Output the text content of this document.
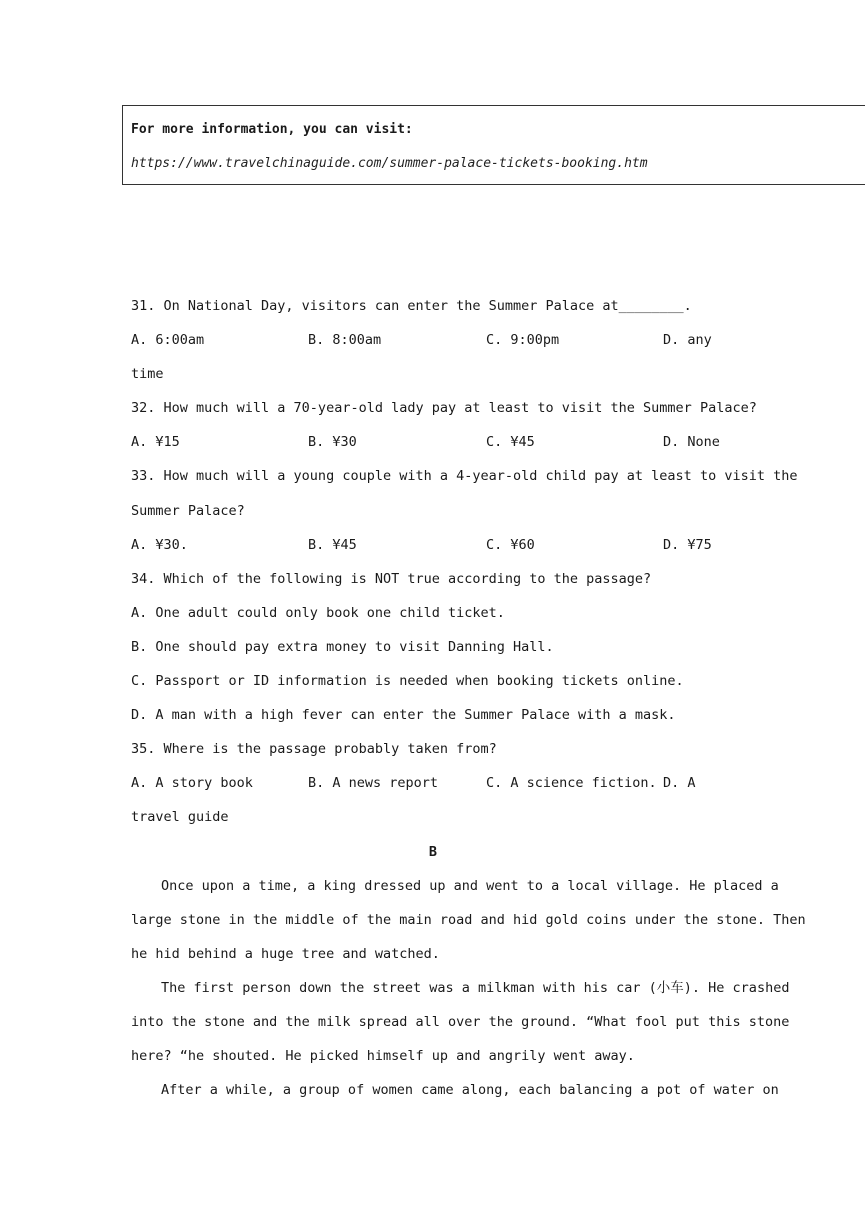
For more information, you can visit:
https://www.travelchinaguide.com/summer-palace-tickets-booking.htm
31. On National Day, visitors can enter the Summer Palace at________.
A. 6:00am	B. 8:00am	C. 9:00pm	D. any
time
32. How much will a 70-year-old lady pay at least to visit the Summer Palace?
A. ¥15	B. ¥30	C. ¥45	D. None
33. How much will a young couple with a 4-year-old child pay at least to visit the
Summer Palace?
A. ¥30.	B. ¥45	C. ¥60	D. ¥75
34. Which of the following is NOT true according to the passage?
A. One adult could only book one child ticket.
B. One should pay extra money to visit Danning Hall.
C. Passport or ID information is needed when booking tickets online.
D. A man with a high fever can enter the Summer Palace with a mask.
35. Where is the passage probably taken from?
A. A story book	B. A news report	C. A science fiction. D. A
travel guide
B
Once upon a time, a king dressed up and went to a local village. He placed a
large stone in the middle of the main road and hid gold coins under the stone. Then
he hid behind a huge tree and watched.
The first person down the street was a milkman with his car (小车). He crashed
into the stone and the milk spread all over the ground. “What fool put this stone
here? “he shouted. He picked himself up and angrily went away.
After a while, a group of women came along, each balancing a pot of water on
